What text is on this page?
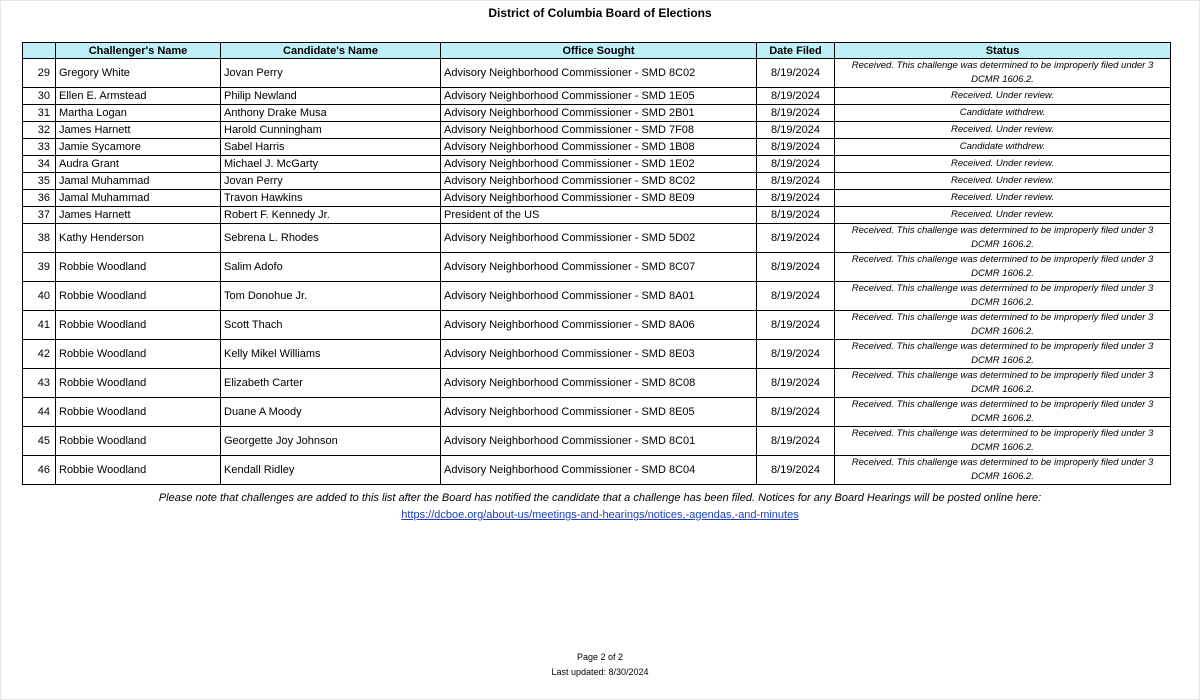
District of Columbia Board of Elections
	Challenger's Name	Candidate's Name	Office Sought	Date Filed	Status
29	Gregory White	Jovan Perry	Advisory Neighborhood Commissioner - SMD 8C02	8/19/2024	Received. This challenge was determined to be improperly filed under 3 DCMR 1606.2.
30	Ellen E. Armstead	Philip Newland	Advisory Neighborhood Commissioner - SMD 1E05	8/19/2024	Received. Under review.
31	Martha Logan	Anthony Drake Musa	Advisory Neighborhood Commissioner - SMD 2B01	8/19/2024	Candidate withdrew.
32	James Harnett	Harold Cunningham	Advisory Neighborhood Commissioner - SMD 7F08	8/19/2024	Received. Under review.
33	Jamie Sycamore	Sabel Harris	Advisory Neighborhood Commissioner - SMD 1B08	8/19/2024	Candidate withdrew.
34	Audra Grant	Michael J. McGarty	Advisory Neighborhood Commissioner - SMD 1E02	8/19/2024	Received. Under review.
35	Jamal Muhammad	Jovan Perry	Advisory Neighborhood Commissioner - SMD 8C02	8/19/2024	Received. Under review.
36	Jamal Muhammad	Travon Hawkins	Advisory Neighborhood Commissioner - SMD 8E09	8/19/2024	Received. Under review.
37	James Harnett	Robert F. Kennedy Jr.	President of the US	8/19/2024	Received. Under review.
38	Kathy Henderson	Sebrena L. Rhodes	Advisory Neighborhood Commissioner - SMD 5D02	8/19/2024	Received. This challenge was determined to be improperly filed under 3 DCMR 1606.2.
39	Robbie Woodland	Salim Adofo	Advisory Neighborhood Commissioner - SMD 8C07	8/19/2024	Received. This challenge was determined to be improperly filed under 3 DCMR 1606.2.
40	Robbie Woodland	Tom Donohue Jr.	Advisory Neighborhood Commissioner - SMD 8A01	8/19/2024	Received. This challenge was determined to be improperly filed under 3 DCMR 1606.2.
41	Robbie Woodland	Scott Thach	Advisory Neighborhood Commissioner - SMD 8A06	8/19/2024	Received. This challenge was determined to be improperly filed under 3 DCMR 1606.2.
42	Robbie Woodland	Kelly Mikel Williams	Advisory Neighborhood Commissioner - SMD 8E03	8/19/2024	Received. This challenge was determined to be improperly filed under 3 DCMR 1606.2.
43	Robbie Woodland	Elizabeth Carter	Advisory Neighborhood Commissioner - SMD 8C08	8/19/2024	Received. This challenge was determined to be improperly filed under 3 DCMR 1606.2.
44	Robbie Woodland	Duane A Moody	Advisory Neighborhood Commissioner - SMD 8E05	8/19/2024	Received. This challenge was determined to be improperly filed under 3 DCMR 1606.2.
45	Robbie Woodland	Georgette Joy Johnson	Advisory Neighborhood Commissioner - SMD 8C01	8/19/2024	Received. This challenge was determined to be improperly filed under 3 DCMR 1606.2.
46	Robbie Woodland	Kendall Ridley	Advisory Neighborhood Commissioner - SMD 8C04	8/19/2024	Received. This challenge was determined to be improperly filed under 3 DCMR 1606.2.
Please note that challenges are added to this list after the Board has notified the candidate that a challenge has been filed. Notices for any Board Hearings will be posted online here:
https://dcboe.org/about-us/meetings-and-hearings/notices,-agendas,-and-minutes
Page 2 of 2
Last updated: 8/30/2024
